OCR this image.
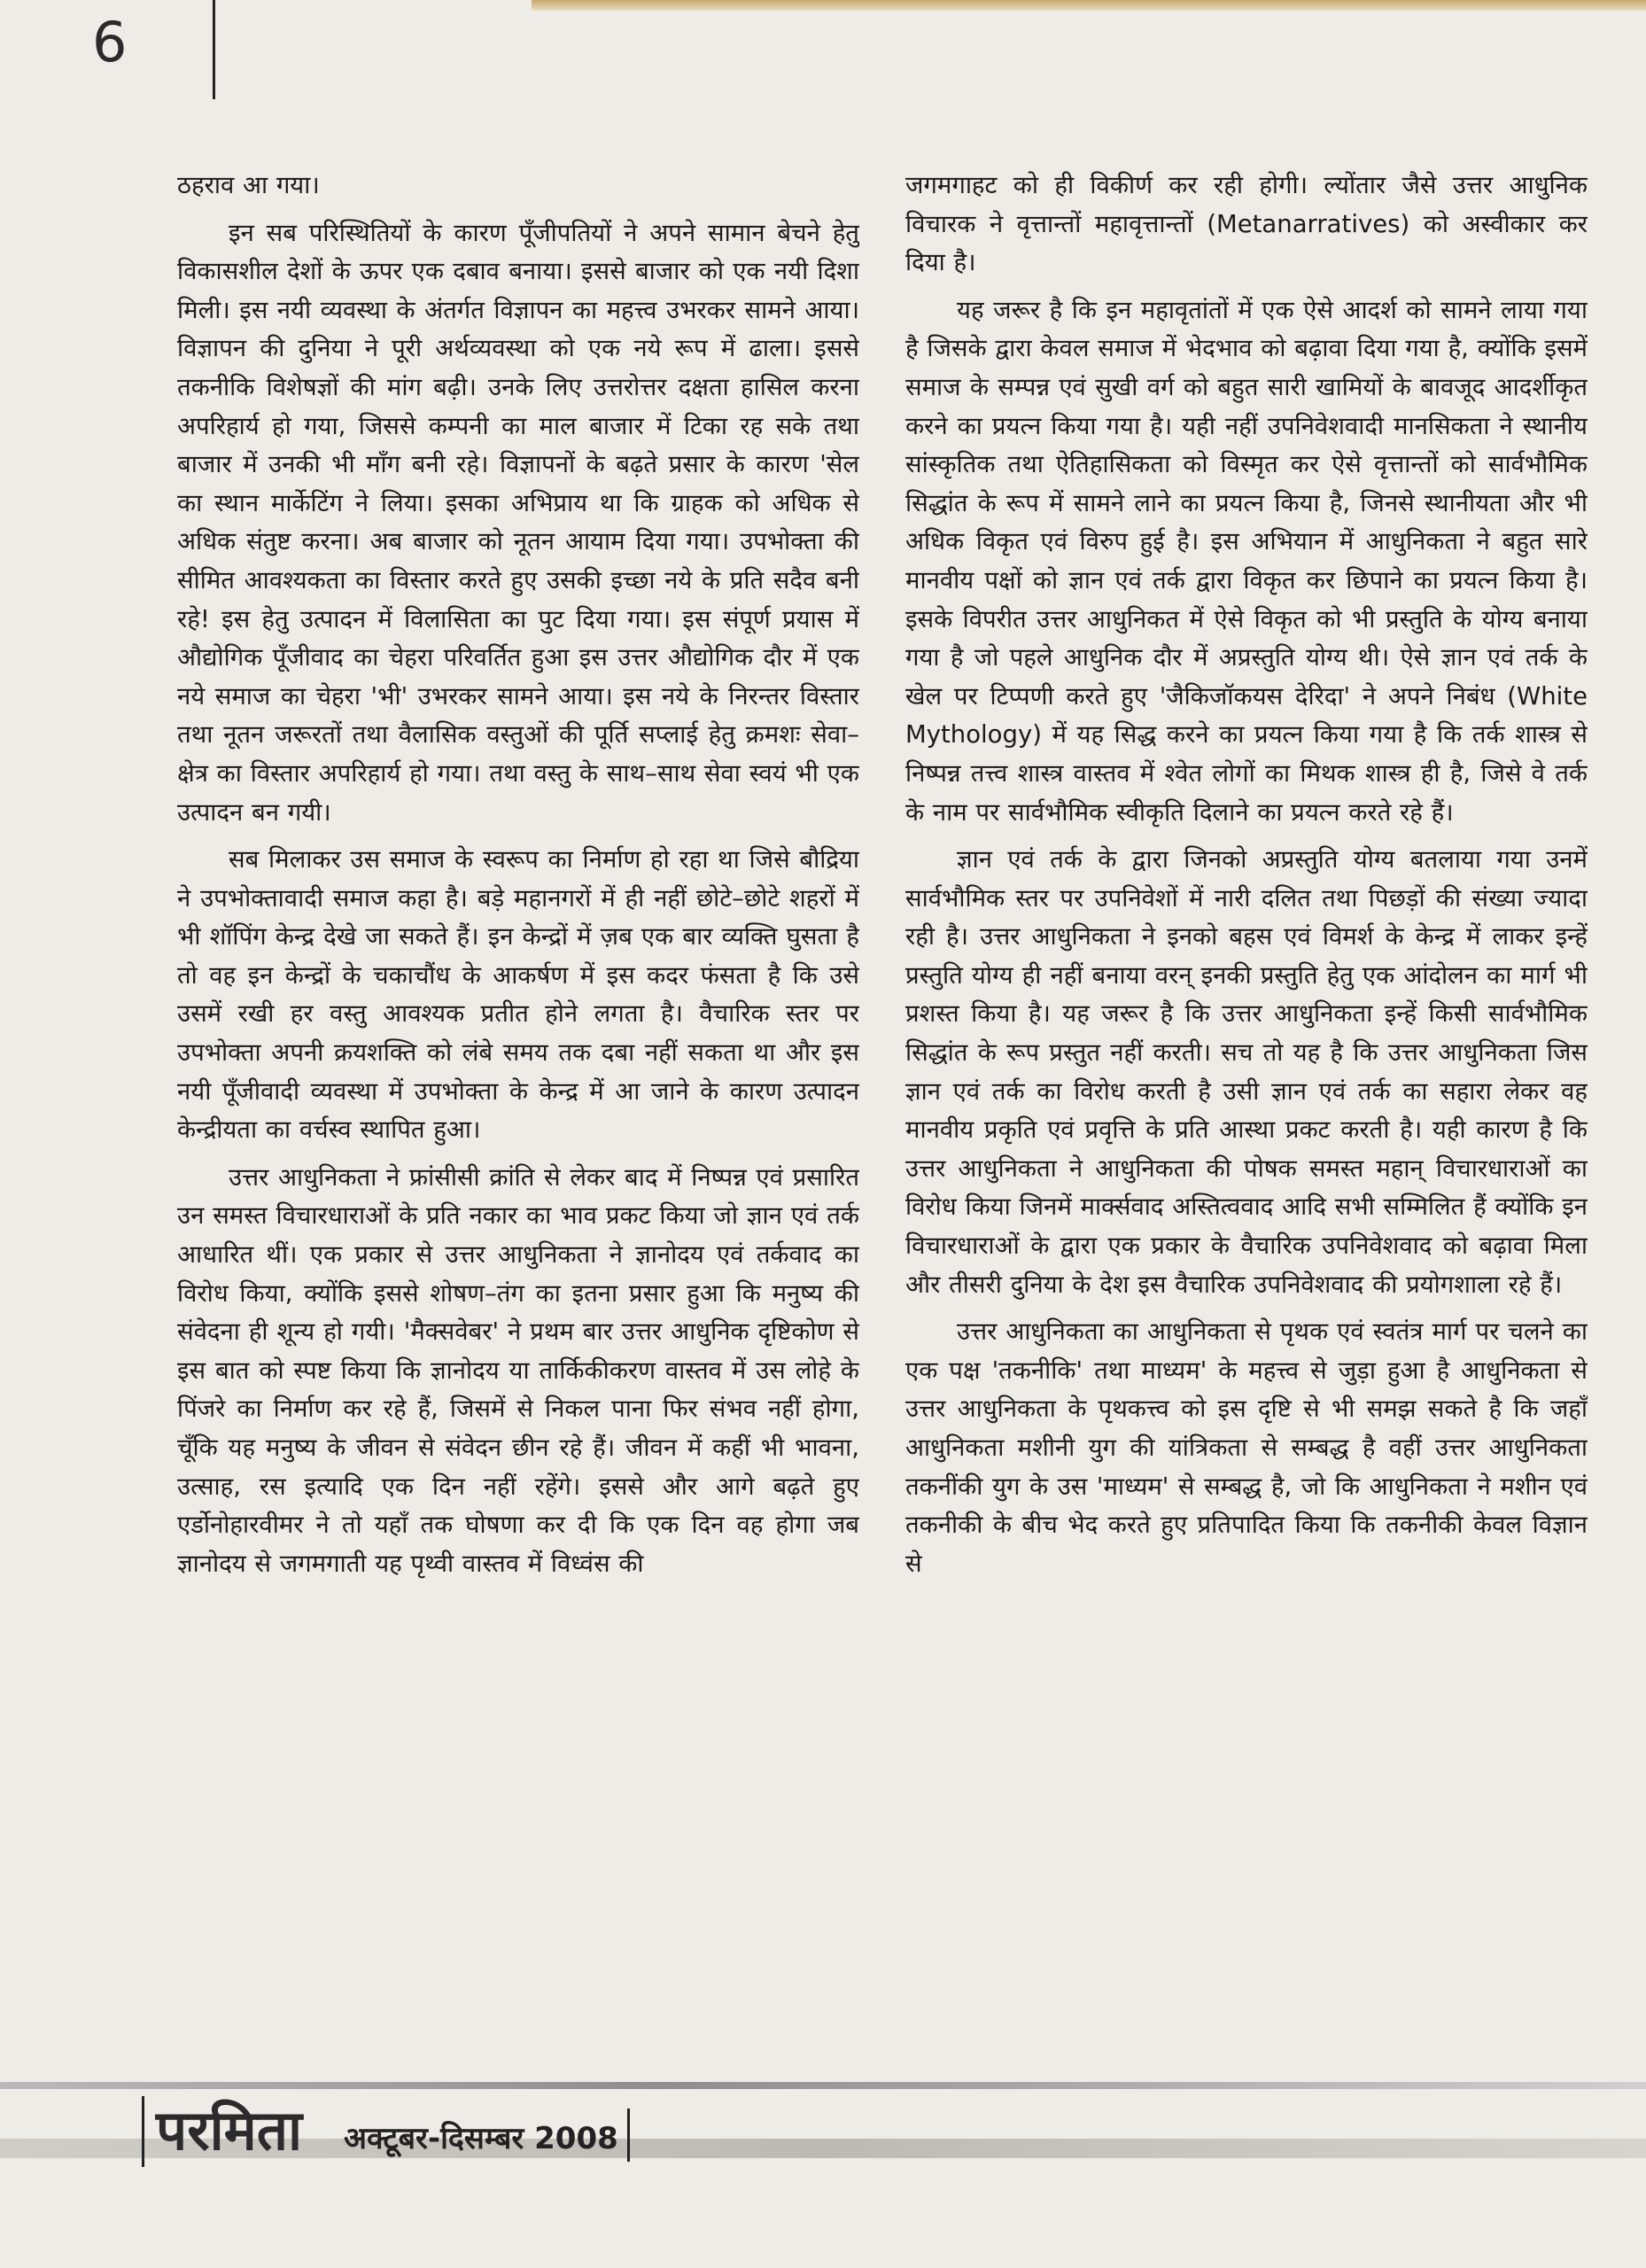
6

ठहराव आ गया।

इन सब परिस्थितियों के कारण पूँजीपतियों ने अपने सामान बेचने हेतु विकासशील देशों के ऊपर एक दबाव बनाया। इससे बाजार को एक नयी दिशा मिली। इस नयी व्यवस्था के अंतर्गत विज्ञापन का महत्त्व उभरकर सामने आया। विज्ञापन की दुनिया ने पूरी अर्थव्यवस्था को एक नये रूप में ढाला। इससे तकनीकि विशेषज्ञों की मांग बढ़ी। उनके लिए उत्तरोत्तर दक्षता हासिल करना अपरिहार्य हो गया, जिससे कम्पनी का माल बाजार में टिका रह सके तथा बाजार में उनकी भी माँग बनी रहे। विज्ञापनों के बढ़ते प्रसार के कारण 'सेल का स्थान मार्केटिंग ने लिया। इसका अभिप्राय था कि ग्राहक को अधिक से अधिक संतुष्ट करना। अब बाजार को नूतन आयाम दिया गया। उपभोक्ता की सीमित आवश्यकता का विस्तार करते हुए उसकी इच्छा नये के प्रति सदैव बनी रहे! इस हेतु उत्पादन में विलासिता का पुट दिया गया। इस संपूर्ण प्रयास में औद्योगिक पूँजीवाद का चेहरा परिवर्तित हुआ इस उत्तर औद्योगिक दौर में एक नये समाज का चेहरा 'भी' उभरकर सामने आया। इस नये के निरन्तर विस्तार तथा नूतन जरूरतों तथा वैलासिक वस्तुओं की पूर्ति सप्लाई हेतु क्रमशः सेवा–क्षेत्र का विस्तार अपरिहार्य हो गया। तथा वस्तु के साथ–साथ सेवा स्वयं भी एक उत्पादन बन गयी।

सब मिलाकर उस समाज के स्वरूप का निर्माण हो रहा था जिसे बौद्रिया ने उपभोक्तावादी समाज कहा है। बड़े महानगरों में ही नहीं छोटे–छोटे शहरों में भी शॉपिंग केन्द्र देखे जा सकते हैं। इन केन्द्रों में ज़ब एक बार व्यक्ति घुसता है तो वह इन केन्द्रों के चकाचौंध के आकर्षण में इस कदर फंसता है कि उसे उसमें रखी हर वस्तु आवश्यक प्रतीत होने लगता है। वैचारिक स्तर पर उपभोक्ता अपनी क्रयशक्ति को लंबे समय तक दबा नहीं सकता था और इस नयी पूँजीवादी व्यवस्था में उपभोक्ता के केन्द्र में आ जाने के कारण उत्पादन केन्द्रीयता का वर्चस्व स्थापित हुआ।

उत्तर आधुनिकता ने फ्रांसीसी क्रांति से लेकर बाद में निष्पन्न एवं प्रसारित उन समस्त विचारधाराओं के प्रति नकार का भाव प्रकट किया जो ज्ञान एवं तर्क आधारित थीं। एक प्रकार से उत्तर आधुनिकता ने ज्ञानोदय एवं तर्कवाद का विरोध किया, क्योंकि इससे शोषण–तंग का इतना प्रसार हुआ कि मनुष्य की संवेदना ही शून्य हो गयी। 'मैक्सवेबर' ने प्रथम बार उत्तर आधुनिक दृष्टिकोण से इस बात को स्पष्ट किया कि ज्ञानोदय या तार्किकीकरण वास्तव में उस लोहे के पिंजरे का निर्माण कर रहे हैं, जिसमें से निकल पाना फिर संभव नहीं होगा, चूँकि यह मनुष्य के जीवन से संवेदन छीन रहे हैं। जीवन में कहीं भी भावना, उत्साह, रस इत्यादि एक दिन नहीं रहेंगे। इससे और आगे बढ़ते हुए एर्डोनोहारवीमर ने तो यहाँ तक घोषणा कर दी कि एक दिन वह होगा जब ज्ञानोदय से जगमगाती यह पृथ्वी वास्तव में विध्वंस की

जगमगाहट को ही विकीर्ण कर रही होगी। ल्योंतार जैसे उत्तर आधुनिक विचारक ने वृत्तान्तों महावृत्तान्तों (Metanarratives) को अस्वीकार कर दिया है।

यह जरूर है कि इन महावृतांतों में एक ऐसे आदर्श को सामने लाया गया है जिसके द्वारा केवल समाज में भेदभाव को बढ़ावा दिया गया है, क्योंकि इसमें समाज के सम्पन्न एवं सुखी वर्ग को बहुत सारी खामियों के बावजूद आदर्शीकृत करने का प्रयत्न किया गया है। यही नहीं उपनिवेशवादी मानसिकता ने स्थानीय सांस्कृतिक तथा ऐतिहासिकता को विस्मृत कर ऐसे वृत्तान्तों को सार्वभौमिक सिद्धांत के रूप में सामने लाने का प्रयत्न किया है, जिनसे स्थानीयता और भी अधिक विकृत एवं विरुप हुई है। इस अभियान में आधुनिकता ने बहुत सारे मानवीय पक्षों को ज्ञान एवं तर्क द्वारा विकृत कर छिपाने का प्रयत्न किया है। इसके विपरीत उत्तर आधुनिकत में ऐसे विकृत को भी प्रस्तुति के योग्य बनाया गया है जो पहले आधुनिक दौर में अप्रस्तुति योग्य थी। ऐसे ज्ञान एवं तर्क के खेल पर टिप्पणी करते हुए 'जैकिजॉकयस देरिदा' ने अपने निबंध (White Mythology) में यह सिद्ध करने का प्रयत्न किया गया है कि तर्क शास्त्र से निष्पन्न तत्त्व शास्त्र वास्तव में श्वेत लोगों का मिथक शास्त्र ही है, जिसे वे तर्क के नाम पर सार्वभौमिक स्वीकृति दिलाने का प्रयत्न करते रहे हैं।

ज्ञान एवं तर्क के द्वारा जिनको अप्रस्तुति योग्य बतलाया गया उनमें सार्वभौमिक स्तर पर उपनिवेशों में नारी दलित तथा पिछड़ों की संख्या ज्यादा रही है। उत्तर आधुनिकता ने इनको बहस एवं विमर्श के केन्द्र में लाकर इन्हें प्रस्तुति योग्य ही नहीं बनाया वरन् इनकी प्रस्तुति हेतु एक आंदोलन का मार्ग भी प्रशस्त किया है। यह जरूर है कि उत्तर आधुनिकता इन्हें किसी सार्वभौमिक सिद्धांत के रूप प्रस्तुत नहीं करती। सच तो यह है कि उत्तर आधुनिकता जिस ज्ञान एवं तर्क का विरोध करती है उसी ज्ञान एवं तर्क का सहारा लेकर वह मानवीय प्रकृति एवं प्रवृत्ति के प्रति आस्था प्रकट करती है। यही कारण है कि उत्तर आधुनिकता ने आधुनिकता की पोषक समस्त महान् विचारधाराओं का विरोध किया जिनमें मार्क्सवाद अस्तित्ववाद आदि सभी सम्मिलित हैं क्योंकि इन विचारधाराओं के द्वारा एक प्रकार के वैचारिक उपनिवेशवाद को बढ़ावा मिला और तीसरी दुनिया के देश इस वैचारिक उपनिवेशवाद की प्रयोगशाला रहे हैं।

उत्तर आधुनिकता का आधुनिकता से पृथक एवं स्वतंत्र मार्ग पर चलने का एक पक्ष 'तकनीकि' तथा माध्यम' के महत्त्व से जुड़ा हुआ है आधुनिकता से उत्तर आधुनिकता के पृथकत्त्व को इस दृष्टि से भी समझ सकते है कि जहाँ आधुनिकता मशीनी युग की यांत्रिकता से सम्बद्ध है वहीं उत्तर आधुनिकता तकनींकी युग के उस 'माध्यम' से सम्बद्ध है, जो कि आधुनिकता ने मशीन एवं तकनीकी के बीच भेद करते हुए प्रतिपादित किया कि तकनीकी केवल विज्ञान से

परमिता अक्टूबर-दिसम्बर 2008
